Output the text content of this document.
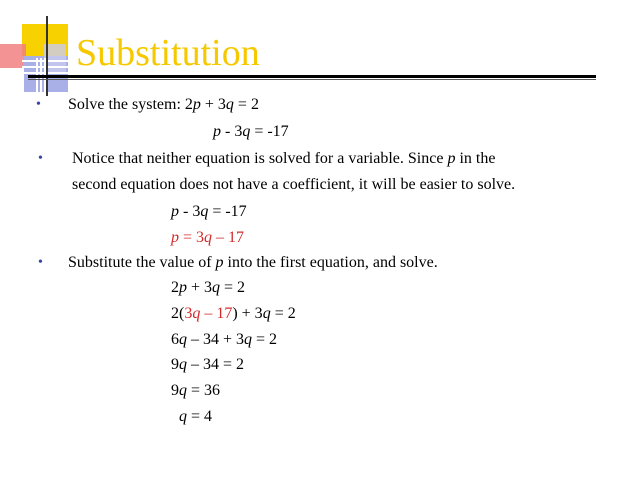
Substitution
• Solve the system: 2p + 3q = 2
p - 3q = -17
• Notice that neither equation is solved for a variable. Since p in the
second equation does not have a coefficient, it will be easier to solve.
p - 3q = -17
p = 3q – 17
• Substitute the value of p into the first equation, and solve.
2p + 3q = 2
2(3q – 17) + 3q = 2
6q – 34 + 3q = 2
9q – 34 = 2
9q = 36
q = 4
